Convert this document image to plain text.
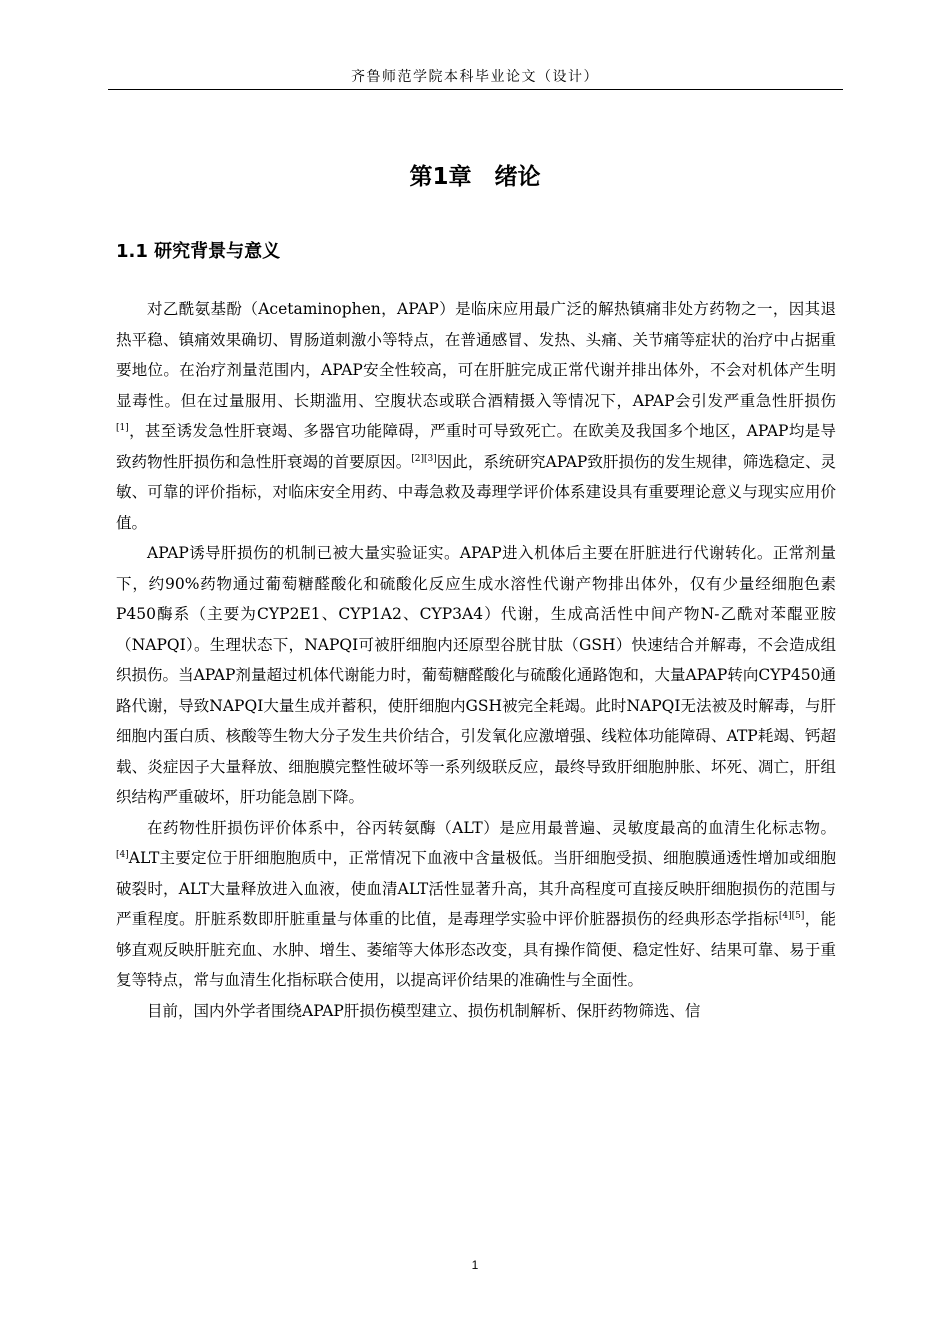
齐鲁师范学院本科毕业论文（设计）
第1章　绪论
1.1 研究背景与意义

对乙酰氨基酚（Acetaminophen，APAP）是临床应用最广泛的解热镇痛非处方药物之一，因其退热平稳、镇痛效果确切、胃肠道刺激小等特点，在普通感冒、发热、头痛、关节痛等症状的治疗中占据重要地位。在治疗剂量范围内，APAP安全性较高，可在肝脏完成正常代谢并排出体外，不会对机体产生明显毒性。但在过量服用、长期滥用、空腹状态或联合酒精摄入等情况下，APAP会引发严重急性肝损伤[1]，甚至诱发急性肝衰竭、多器官功能障碍，严重时可导致死亡。在欧美及我国多个地区，APAP均是导致药物性肝损伤和急性肝衰竭的首要原因。[2][3]因此，系统研究APAP致肝损伤的发生规律，筛选稳定、灵敏、可靠的评价指标，对临床安全用药、中毒急救及毒理学评价体系建设具有重要理论意义与现实应用价值。

APAP诱导肝损伤的机制已被大量实验证实。APAP进入机体后主要在肝脏进行代谢转化。正常剂量下，约90%药物通过葡萄糖醛酸化和硫酸化反应生成水溶性代谢产物排出体外，仅有少量经细胞色素P450酶系（主要为CYP2E1、CYP1A2、CYP3A4）代谢，生成高活性中间产物N-乙酰对苯醌亚胺（NAPQI）。生理状态下，NAPQI可被肝细胞内还原型谷胱甘肽（GSH）快速结合并解毒，不会造成组织损伤。当APAP剂量超过机体代谢能力时，葡萄糖醛酸化与硫酸化通路饱和，大量APAP转向CYP450通路代谢，导致NAPQI大量生成并蓄积，使肝细胞内GSH被完全耗竭。此时NAPQI无法被及时解毒，与肝细胞内蛋白质、核酸等生物大分子发生共价结合，引发氧化应激增强、线粒体功能障碍、ATP耗竭、钙超载、炎症因子大量释放、细胞膜完整性破坏等一系列级联反应，最终导致肝细胞肿胀、坏死、凋亡，肝组织结构严重破坏，肝功能急剧下降。

在药物性肝损伤评价体系中，谷丙转氨酶（ALT）是应用最普遍、灵敏度最高的血清生化标志物。[4]ALT主要定位于肝细胞胞质中，正常情况下血液中含量极低。当肝细胞受损、细胞膜通透性增加或细胞破裂时，ALT大量释放进入血液，使血清ALT活性显著升高，其升高程度可直接反映肝细胞损伤的范围与严重程度。肝脏系数即肝脏重量与体重的比值，是毒理学实验中评价脏器损伤的经典形态学指标[4][5]，能够直观反映肝脏充血、水肿、增生、萎缩等大体形态改变，具有操作简便、稳定性好、结果可靠、易于重复等特点，常与血清生化指标联合使用，以提高评价结果的准确性与全面性。

目前，国内外学者围绕APAP肝损伤模型建立、损伤机制解析、保肝药物筛选、信

1
